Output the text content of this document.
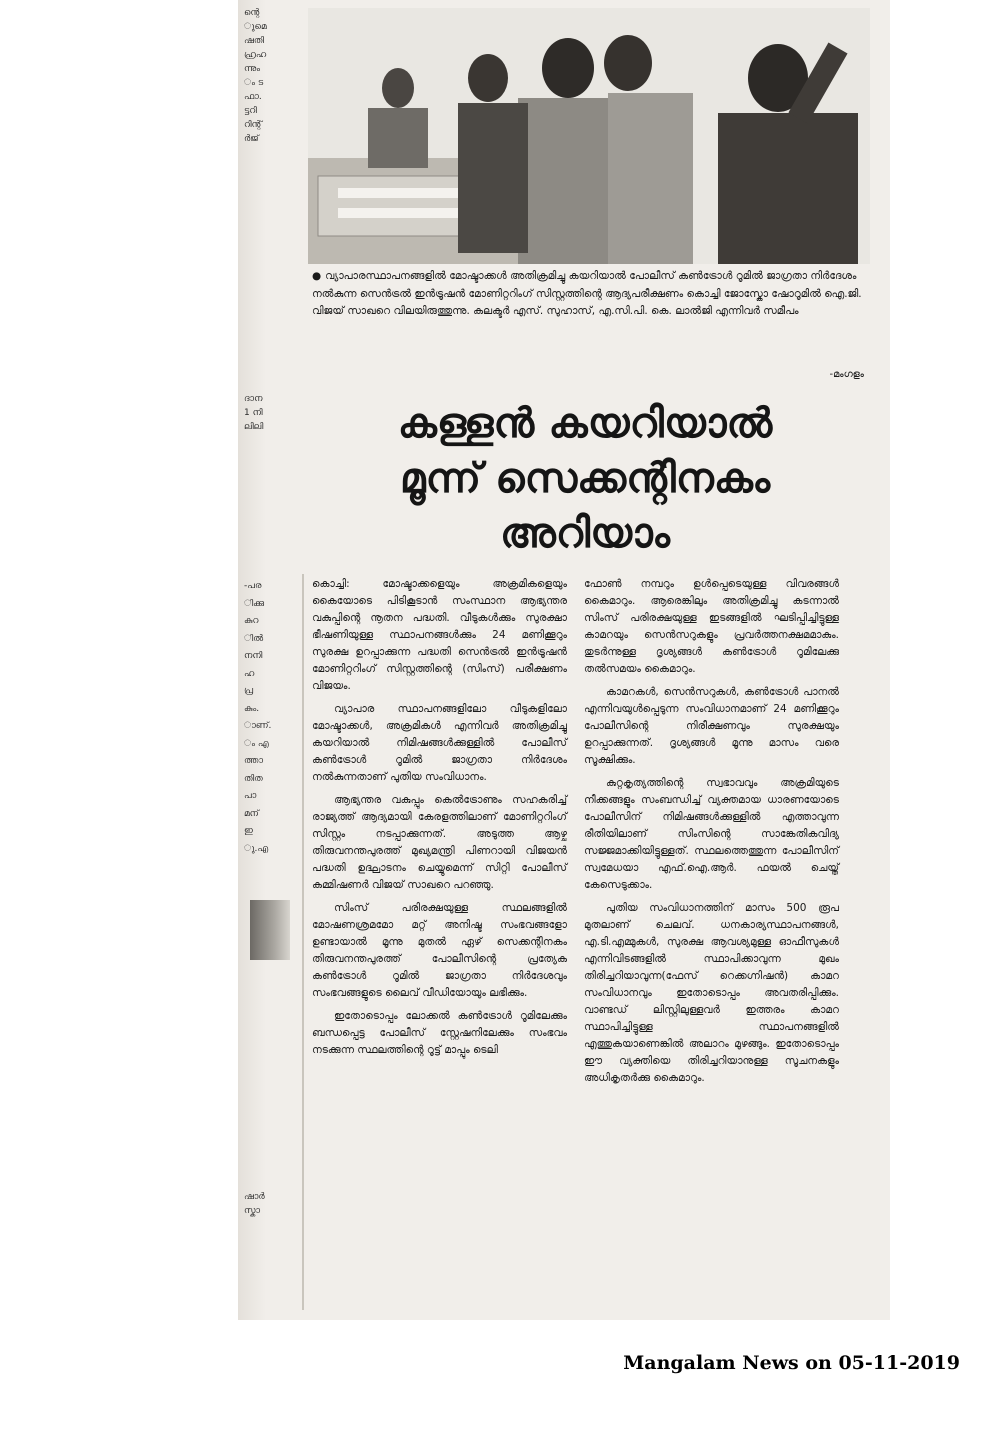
ന്റെ
ുമെ
ഷതി
ഹ്രഹ
ന്നും
ം ട
ഫാ.
ട്ടറി
റിന്റ്
ർജ്
ദാന
1 നി
ലിലി
-പര
ിക്കു
കുറ
ിൽ
നനി
ഹ
പ്ര
കും.
ാണ്.
ം എ
ത്താ
തിത
പാ
മന്
ഇ
ു.എ
ഷാർ
സ്കാ
● വ്യാപാരസ്ഥാപനങ്ങളിൽ മോഷ്ടാക്കൾ അതിക്രമിച്ചു കയറിയാൽ പോലീസ് കൺട്രോൾ റൂമിൽ ജാഗ്രതാ നിർദേശം നൽകുന്ന സെൻട്രൽ ഇൻട്രൂഷൻ മോണിറ്ററിംഗ് സിസ്റ്റത്തിന്റെ ആദ്യപരീക്ഷണം കൊച്ചി ജോസ്കോ ഷോറൂമിൽ ഐ.ജി. വിജയ് സാഖറെ വിലയിരുത്തുന്നു. കലക്ടർ എസ്. സുഹാസ്, എ.സി.പി. കെ. ലാൽജി എന്നിവർ സമീപം
-മംഗളം
കള്ളൻ കയറിയാൽ
മൂന്ന് സെക്കന്റിനകം
അറിയാം

കൊച്ചി: മോഷ്ടാക്കളെയും അക്രമികളെയും കൈയോടെ പിടികൂടാൻ സംസ്ഥാന ആഭ്യന്തര വകുപ്പിന്റെ നൂതന പദ്ധതി. വീടുകൾക്കും സുരക്ഷാ ഭീഷണിയുള്ള സ്ഥാപനങ്ങൾക്കും 24 മണിക്കൂറും സുരക്ഷ ഉറപ്പാക്കുന്ന പദ്ധതി സെൻട്രൽ ഇൻട്രൂഷൻ മോണിറ്ററിംഗ് സിസ്റ്റത്തിന്റെ (സിംസ്) പരീക്ഷണം വിജയം.

വ്യാപാര സ്ഥാപനങ്ങളിലോ വീടുകളിലോ മോഷ്ടാക്കൾ, അക്രമികൾ എന്നിവർ അതിക്രമിച്ചു കയറിയാൽ നിമിഷങ്ങൾക്കുള്ളിൽ പോലീസ് കൺട്രോൾ റൂമിൽ ജാഗ്രതാ നിർദേശം നൽകുന്നതാണ് പുതിയ സംവിധാനം.

ആഭ്യന്തര വകുപ്പും കെൽട്രോണും സഹകരിച്ച് രാജ്യത്ത് ആദ്യമായി കേരളത്തിലാണ് മോണിറ്ററിംഗ് സിസ്റ്റം നടപ്പാക്കുന്നത്. അടുത്ത ആഴ്ച തിരുവനന്തപുരത്ത് മുഖ്യമന്ത്രി പിണറായി വിജയൻ പദ്ധതി ഉദ്ഘാടനം ചെയ്യുമെന്ന് സിറ്റി പോലീസ് കമ്മിഷണർ വിജയ് സാഖറെ പറഞ്ഞു.

സിംസ് പരിരക്ഷയുള്ള സ്ഥലങ്ങളിൽ മോഷണശ്രമമോ മറ്റ് അനിഷ്ട സംഭവങ്ങളോ ഉണ്ടായാൽ മൂന്നു മുതൽ ഏഴ് സെക്കന്റിനകം തിരുവനന്തപുരത്ത് പോലീസിന്റെ പ്രത്യേക കൺട്രോൾ റൂമിൽ ജാഗ്രതാ നിർദേശവും സംഭവങ്ങളുടെ ലൈവ് വീഡിയോയും ലഭിക്കും.

ഇതോടൊപ്പം ലോക്കൽ കൺട്രോൾ റൂമിലേക്കും ബന്ധപ്പെട്ട പോലീസ് സ്റ്റേഷനിലേക്കും സംഭവം നടക്കുന്ന സ്ഥലത്തിന്റെ റൂട്ട് മാപ്പും ടെലി

ഫോൺ നമ്പറും ഉൾപ്പെടെയുള്ള വിവരങ്ങൾ കൈമാറും. ആരെങ്കിലും അതിക്രമിച്ചു കടന്നാൽ സിംസ് പരിരക്ഷയുള്ള ഇടങ്ങളിൽ ഘടിപ്പിച്ചിട്ടുള്ള കാമറയും സെൻസറുകളും പ്രവർത്തനക്ഷമമാകും. തുടർന്നുള്ള ദൃശ്യങ്ങൾ കൺട്രോൾ റൂമിലേക്കു തൽസമയം കൈമാറും.

കാമറകൾ, സെൻസറുകൾ, കൺട്രോൾ പാനൽ എന്നിവയുൾപ്പെടുന്ന സംവിധാനമാണ് 24 മണിക്കൂറും പോലീസിന്റെ നിരീക്ഷണവും സുരക്ഷയും ഉറപ്പാക്കുന്നത്. ദൃശ്യങ്ങൾ മൂന്നു മാസം വരെ സൂക്ഷിക്കും.

കുറ്റകൃത്യത്തിന്റെ സ്വഭാവവും അക്രമിയുടെ നീക്കങ്ങളും സംബന്ധിച്ച് വ്യക്തമായ ധാരണയോടെ പോലീസിന് നിമിഷങ്ങൾക്കുള്ളിൽ എത്താവുന്ന രീതിയിലാണ് സിംസിന്റെ സാങ്കേതികവിദ്യ സജ്ജമാക്കിയിട്ടുള്ളത്. സ്ഥലത്തെത്തുന്ന പോലീസിന് സ്വമേധയാ എഫ്.ഐ.ആർ. ഫയൽ ചെയ്ത് കേസെടുക്കാം.

പുതിയ സംവിധാനത്തിന് മാസം 500 രൂപ മുതലാണ് ചെലവ്. ധനകാര്യസ്ഥാപനങ്ങൾ, എ.ടി.എമ്മുകൾ, സുരക്ഷ ആവശ്യമുള്ള ഓഫീസുകൾ എന്നിവിടങ്ങളിൽ സ്ഥാപിക്കാവുന്ന മുഖം തിരിച്ചറിയാവുന്ന(ഫേസ് റെക്കഗ്നിഷൻ) കാമറ സംവിധാനവും ഇതോടൊപ്പം അവതരിപ്പിക്കും. വാണ്ടഡ് ലിസ്റ്റിലുള്ളവർ ഇത്തരം കാമറ സ്ഥാപിച്ചിട്ടുള്ള സ്ഥാപനങ്ങളിൽ എത്തുകയാണെങ്കിൽ അലാറം മുഴങ്ങും. ഇതോടൊപ്പം ഈ വ്യക്തിയെ തിരിച്ചറിയാനുള്ള സൂചനകളും അധികൃതർക്കു കൈമാറും.

Mangalam News on 05-11-2019
